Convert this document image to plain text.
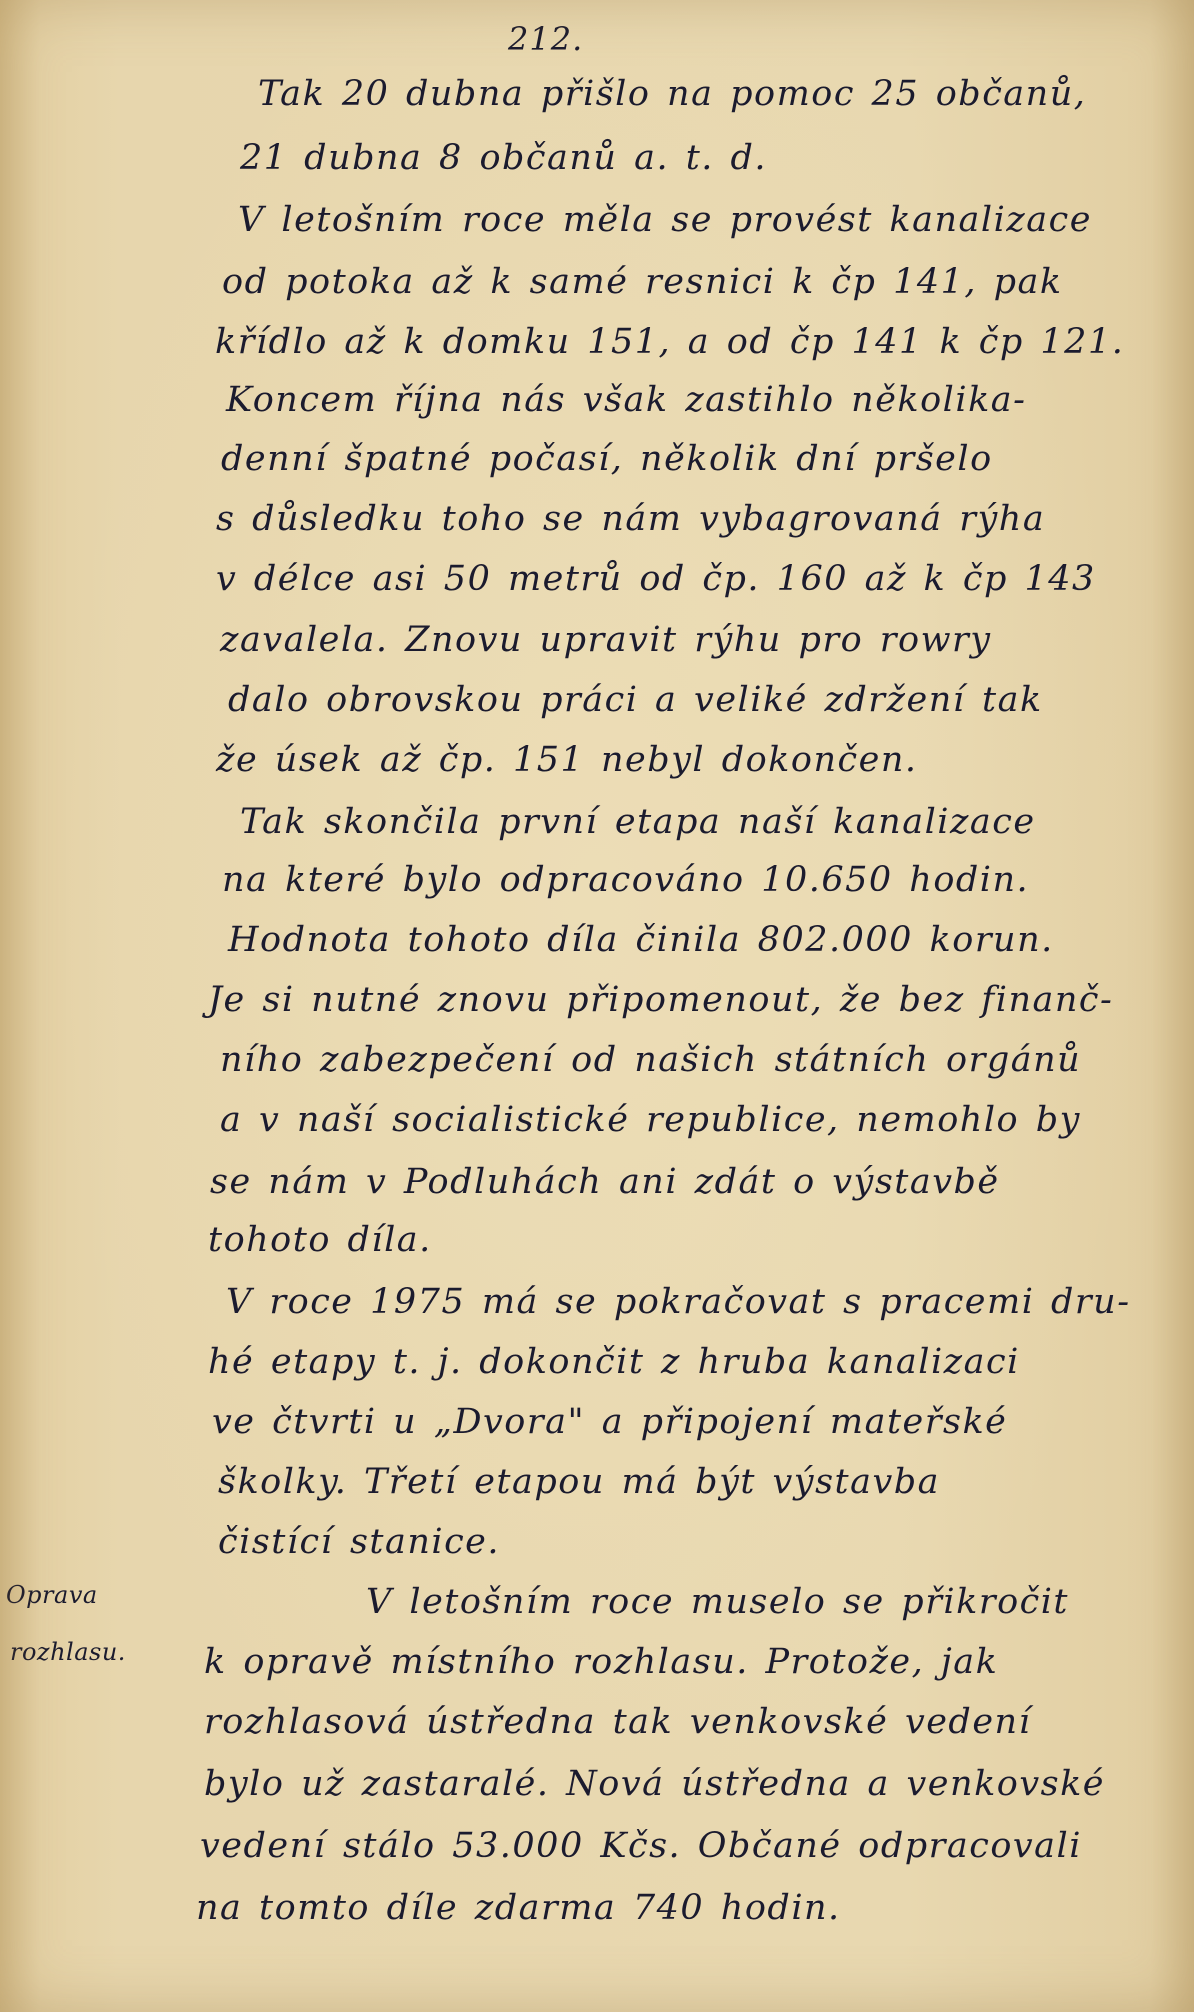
212.
Oprava
rozhlasu.
Tak 20 dubna přišlo na pomoc 25 občanů,
21 dubna 8 občanů a. t. d.
V letošním roce měla se provést kanalizace
od potoka až k samé resnici k čp 141, pak
křídlo až k domku 151, a od čp 141 k čp 121.
Koncem října nás však zastihlo několika-
denní špatné počasí, několik dní pršelo
s důsledku toho se nám vybagrovaná rýha
v délce asi 50 metrů od čp. 160 až k čp 143
zavalela. Znovu upravit rýhu pro rowry
dalo obrovskou práci a veliké zdržení tak
že úsek až čp. 151 nebyl dokončen.
Tak skončila první etapa naší kanalizace
na které bylo odpracováno 10.650 hodin.
Hodnota tohoto díla činila 802.000 korun.
Je si nutné znovu připomenout, že bez finanč-
ního zabezpečení od našich státních orgánů
a v naší socialistické republice, nemohlo by
se nám v Podluhách ani zdát o výstavbě
tohoto díla.
V roce 1975 má se pokračovat s pracemi dru-
hé etapy t. j. dokončit z hruba kanalizaci
ve čtvrti u „Dvora" a připojení mateřské
školky. Třetí etapou má být výstavba
čistící stanice.
V letošním roce muselo se přikročit
k opravě místního rozhlasu. Protože, jak
rozhlasová ústředna tak venkovské vedení
bylo už zastaralé. Nová ústředna a venkovské
vedení stálo 53.000 Kčs. Občané odpracovali
na tomto díle zdarma 740 hodin.
